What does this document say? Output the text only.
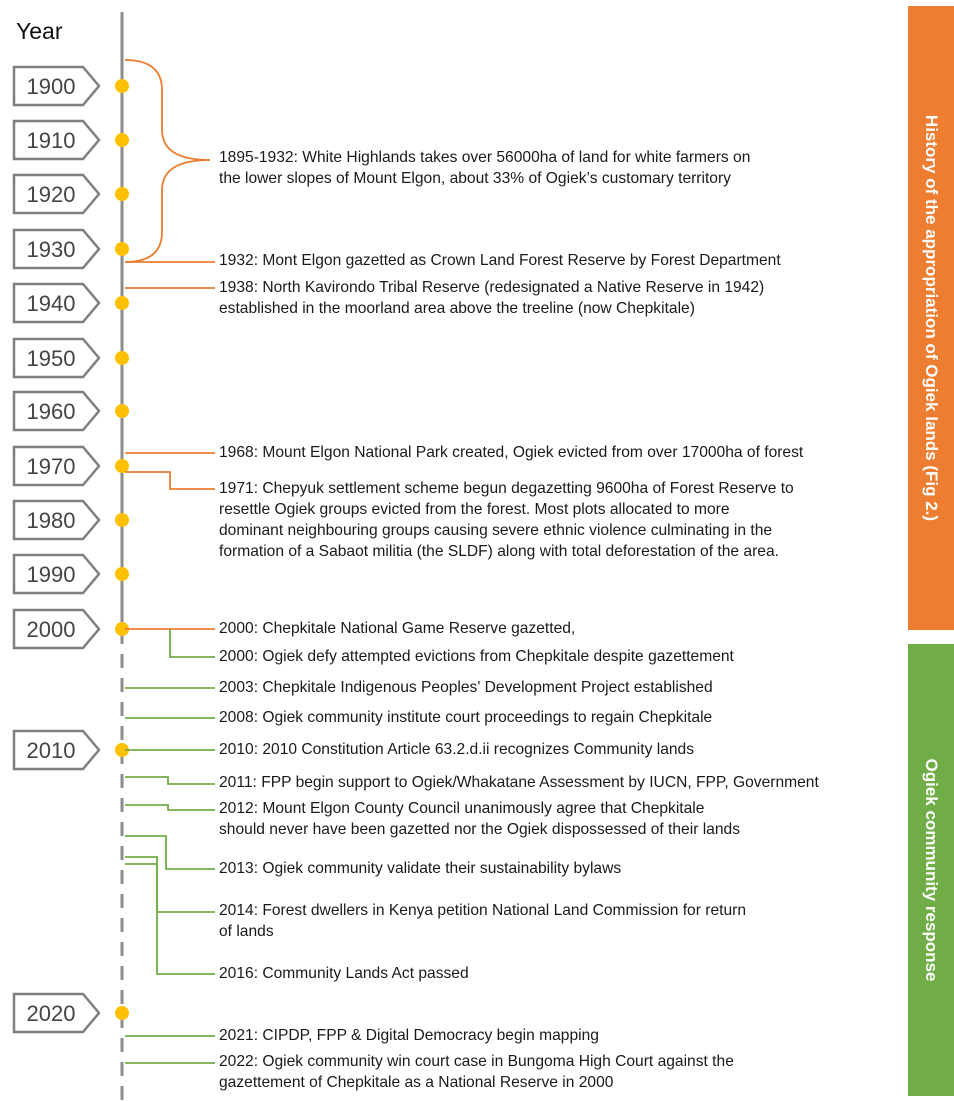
Year
1900
1910
1920
1930
1940
1950
1960
1970
1980
1990
2000
2010
2020
1895-1932: White Highlands takes over 56000ha of land for white farmers on
the lower slopes of Mount Elgon, about 33% of Ogiek’s customary territory
1932: Mont Elgon gazetted as Crown Land Forest Reserve by Forest Department
1938: North Kavirondo Tribal Reserve (redesignated a Native Reserve in 1942)
established in the moorland area above the treeline (now Chepkitale)
1968: Mount Elgon National Park created, Ogiek evicted from over 17000ha of forest
1971: Chepyuk settlement scheme begun degazetting 9600ha of Forest Reserve to
resettle Ogiek groups evicted from the forest. Most plots allocated to more
dominant neighbouring groups causing severe ethnic violence culminating in the
formation of a Sabaot militia (the SLDF) along with total deforestation of the area.
2000: Chepkitale National Game Reserve gazetted,
2000: Ogiek defy attempted evictions from Chepkitale despite gazettement
2003: Chepkitale Indigenous Peoples' Development Project established
2008: Ogiek community institute court proceedings to regain Chepkitale
2010: 2010 Constitution Article 63.2.d.ii recognizes Community lands
2011: FPP begin support to Ogiek/Whakatane Assessment by IUCN, FPP, Government
2012: Mount Elgon County Council unanimously agree that Chepkitale
should never have been gazetted nor the Ogiek dispossessed of their lands
2013: Ogiek community validate their sustainability bylaws
2014: Forest dwellers in Kenya petition National Land Commission for return
of lands
2016: Community Lands Act passed
2021: CIPDP, FPP & Digital Democracy begin mapping
2022: Ogiek community win court case in Bungoma High Court against the
gazettement of Chepkitale as a National Reserve in 2000
History of the appropriation of Ogiek lands (Fig 2.)
Ogiek community response
